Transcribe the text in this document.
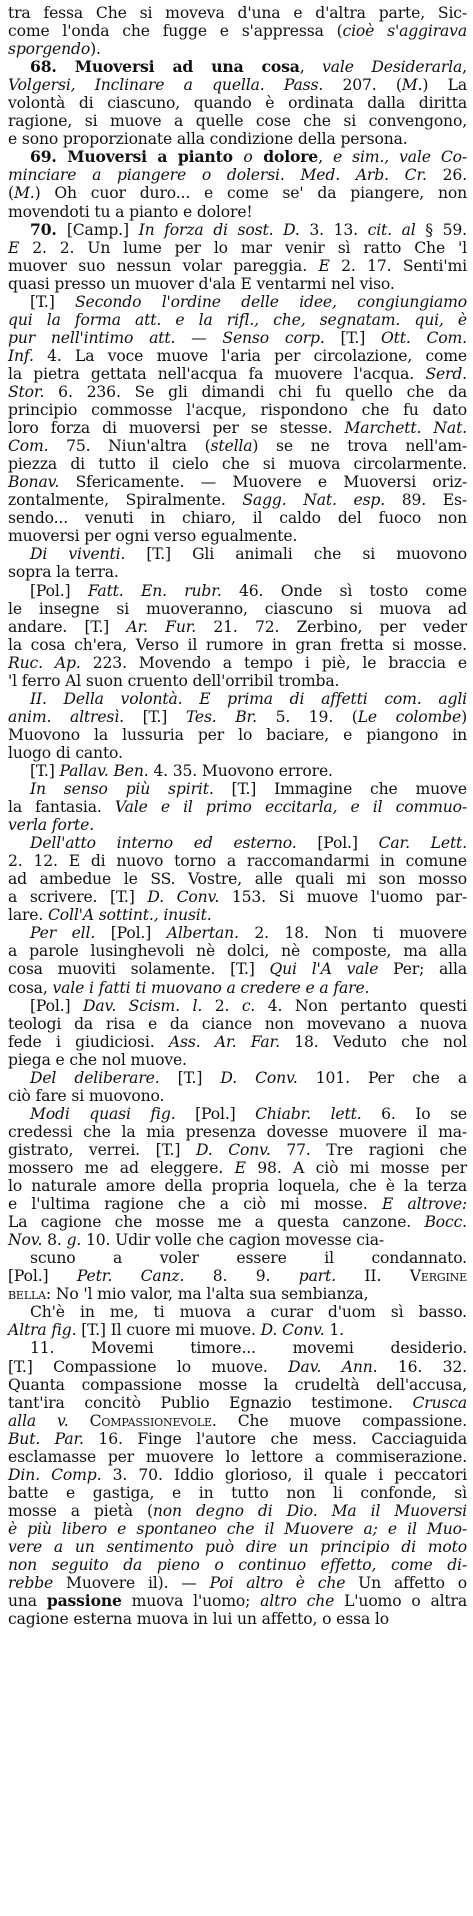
tra fessa Che si moveva d'una e d'altra parte, Sic-

come l'onda che fugge e s'appressa (cioè s'aggirava

sporgendo).

68. Muoversi ad una cosa, vale Desiderarla,

Volgersi, Inclinare a quella. Pass. 207. (M.) La

volontà di ciascuno, quando è ordinata dalla diritta

ragione, si muove a quelle cose che si convengono,

e sono proporzionate alla condizione della persona.

69. Muoversi a pianto o dolore, e sim., vale Co-

minciare a piangere o dolersi. Med. Arb. Cr. 26.

(M.) Oh cuor duro... e come se' da piangere, non

movendoti tu a pianto e dolore!

70. [Camp.] In forza di sost. D. 3. 13. cit. al § 59.

E 2. 2. Un lume per lo mar venir sì ratto Che 'l

muover suo nessun volar pareggia. E 2. 17. Senti'mi

quasi presso un muover d'ala E ventarmi nel viso.

[T.] Secondo l'ordine delle idee, congiungiamo

qui la forma att. e la rifl., che, segnatam. qui, è

pur nell'intimo att. — Senso corp. [T.] Ott. Com.

Inf. 4. La voce muove l'aria per circolazione, come

la pietra gettata nell'acqua fa muovere l'acqua. Serd.

Stor. 6. 236. Se gli dimandi chi fu quello che da

principio commosse l'acque, rispondono che fu dato

loro forza di muoversi per se stesse. Marchett. Nat.

Com. 75. Niun'altra (stella) se ne trova nell'am-

piezza di tutto il cielo che si muova circolarmente.

Bonav. Sfericamente. — Muovere e Muoversi oriz-

zontalmente, Spiralmente. Sagg. Nat. esp. 89. Es-

sendo... venuti in chiaro, il caldo del fuoco non

muoversi per ogni verso egualmente.

Di viventi. [T.] Gli animali che si muovono

sopra la terra.

[Pol.] Fatt. En. rubr. 46. Onde sì tosto come

le insegne si muoveranno, ciascuno si muova ad

andare. [T.] Ar. Fur. 21. 72. Zerbino, per veder

la cosa ch'era, Verso il rumore in gran fretta si mosse.

Ruc. Ap. 223. Movendo a tempo i piè, le braccia e

'l ferro Al suon cruento dell'orribil tromba.

II. Della volontà. E prima di affetti com. agli

anim. altresì. [T.] Tes. Br. 5. 19. (Le colombe)

Muovono la lussuria per lo baciare, e piangono in

luogo di canto.

[T.] Pallav. Ben. 4. 35. Muovono errore.

In senso più spirit. [T.] Immagine che muove

la fantasia. Vale e il primo eccitarla, e il commuo-

verla forte.

Dell'atto interno ed esterno. [Pol.] Car. Lett.

2. 12. E di nuovo torno a raccomandarmi in comune

ad ambedue le SS. Vostre, alle quali mi son mosso

a scrivere. [T.] D. Conv. 153. Si muove l'uomo par-

lare. Coll'A sottint., inusit.

Per ell. [Pol.] Albertan. 2. 18. Non ti muovere

a parole lusinghevoli nè dolci, nè composte, ma alla

cosa muoviti solamente. [T.] Qui l'A vale Per; alla

cosa, vale i fatti ti muovano a credere e a fare.

[Pol.] Dav. Scism. l. 2. c. 4. Non pertanto questi

teologi da risa e da ciance non movevano a nuova

fede i giudiciosi. Ass. Ar. Far. 18. Veduto che nol

piega e che nol muove.

Del deliberare. [T.] D. Conv. 101. Per che a

ciò fare si muovono.

Modi quasi fig. [Pol.] Chiabr. lett. 6. Io se

credessi che la mia presenza dovesse muovere il ma-

gistrato, verrei. [T.] D. Conv. 77. Tre ragioni che

mossero me ad eleggere. E 98. A ciò mi mosse per

lo naturale amore della propria loquela, che è la terza

e l'ultima ragione che a ciò mi mosse. E altrove:

La cagione che mosse me a questa canzone. Bocc.

Nov. 8. g. 10. Udir volle che cagion movesse cia-

scuno a voler essere il condannato.

[Pol.] Petr. Canz. 8. 9. part. II. Vergine

bella: No 'l mio valor, ma l'alta sua sembianza,

Ch'è in me, ti muova a curar d'uom sì basso.

Altra fig. [T.] Il cuore mi muove. D. Conv. 1.

11. Movemi timore... movemi desiderio.

[T.] Compassione lo muove. Dav. Ann. 16. 32.

Quanta compassione mosse la crudeltà dell'accusa,

tant'ira concitò Publio Egnazio testimone. Crusca

alla v. Compassionevole. Che muove compassione.

But. Par. 16. Finge l'autore che mess. Cacciaguida

esclamasse per muovere lo lettore a commiserazione.

Din. Comp. 3. 70. Iddio glorioso, il quale i peccatori

batte e gastiga, e in tutto non li confonde, sì

mosse a pietà (non degno di Dio. Ma il Muoversi

è più libero e spontaneo che il Muovere a; e il Muo-

vere a un sentimento può dire un principio di moto

non seguito da pieno o continuo effetto, come di-

rebbe Muovere il). — Poi altro è che Un affetto o

una passione muova l'uomo; altro che L'uomo o altra

cagione esterna muova in lui un affetto, o essa lo
